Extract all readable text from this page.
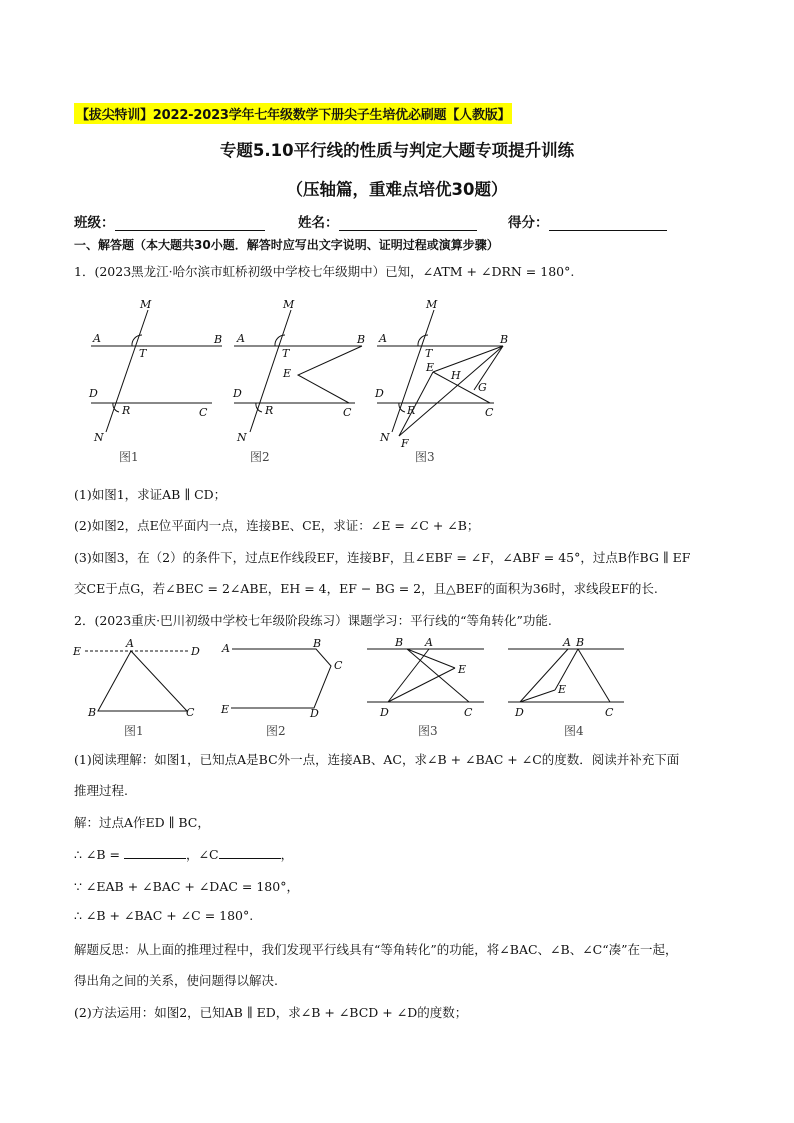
【拔尖特训】2022-2023学年七年级数学下册尖子生培优必刷题【人教版】
专题5.10平行线的性质与判定大题专项提升训练
（压轴篇，重难点培优30题）
班级：	姓名：	得分：
一、解答题（本大题共30小题．解答时应写出文字说明、证明过程或演算步骤）
1．(2023黑龙江·哈尔滨市虹桥初级中学校七年级期中）已知，∠ATM + ∠DRN = 180°.
M
A	B
T
D
R	C
N
M
A	B
T
E
D
R	C
N
M
A	B
T
E
H
G
D
R	C
N F
图1	图2	图3
E
A
D
B	C
A	B
C
E	D
B A
E
D	C
A B
E
D	C
图1	图2	图3	图4
(1)如图1，求证AB ∥ CD；
(2)如图2，点E位平面内一点，连接BE、CE，求证：∠E = ∠C + ∠B；
(3)如图3，在（2）的条件下，过点E作线段EF，连接BF，且∠EBF = ∠F，∠ABF = 45°，过点B作BG ∥ EF
交CE于点G，若∠BEC = 2∠ABE，EH = 4，EF − BG = 2，且△BEF的面积为36时，求线段EF的长.
2．(2023重庆·巴川初级中学校七年级阶段练习）课题学习：平行线的“等角转化”功能.
(1)阅读理解：如图1，已知点A是BC外一点，连接AB、AC，求∠B + ∠BAC + ∠C的度数．阅读并补充下面
推理过程.
解：过点A作ED ∥ BC，
∴ ∠B =	，∠C	，
∵ ∠EAB + ∠BAC + ∠DAC = 180°，
∴ ∠B + ∠BAC + ∠C = 180°.
解题反思：从上面的推理过程中，我们发现平行线具有“等角转化”的功能，将∠BAC、∠B、∠C“凑”在一起，
得出角之间的关系，使问题得以解决.
(2)方法运用：如图2，已知AB ∥ ED，求∠B + ∠BCD + ∠D的度数；
